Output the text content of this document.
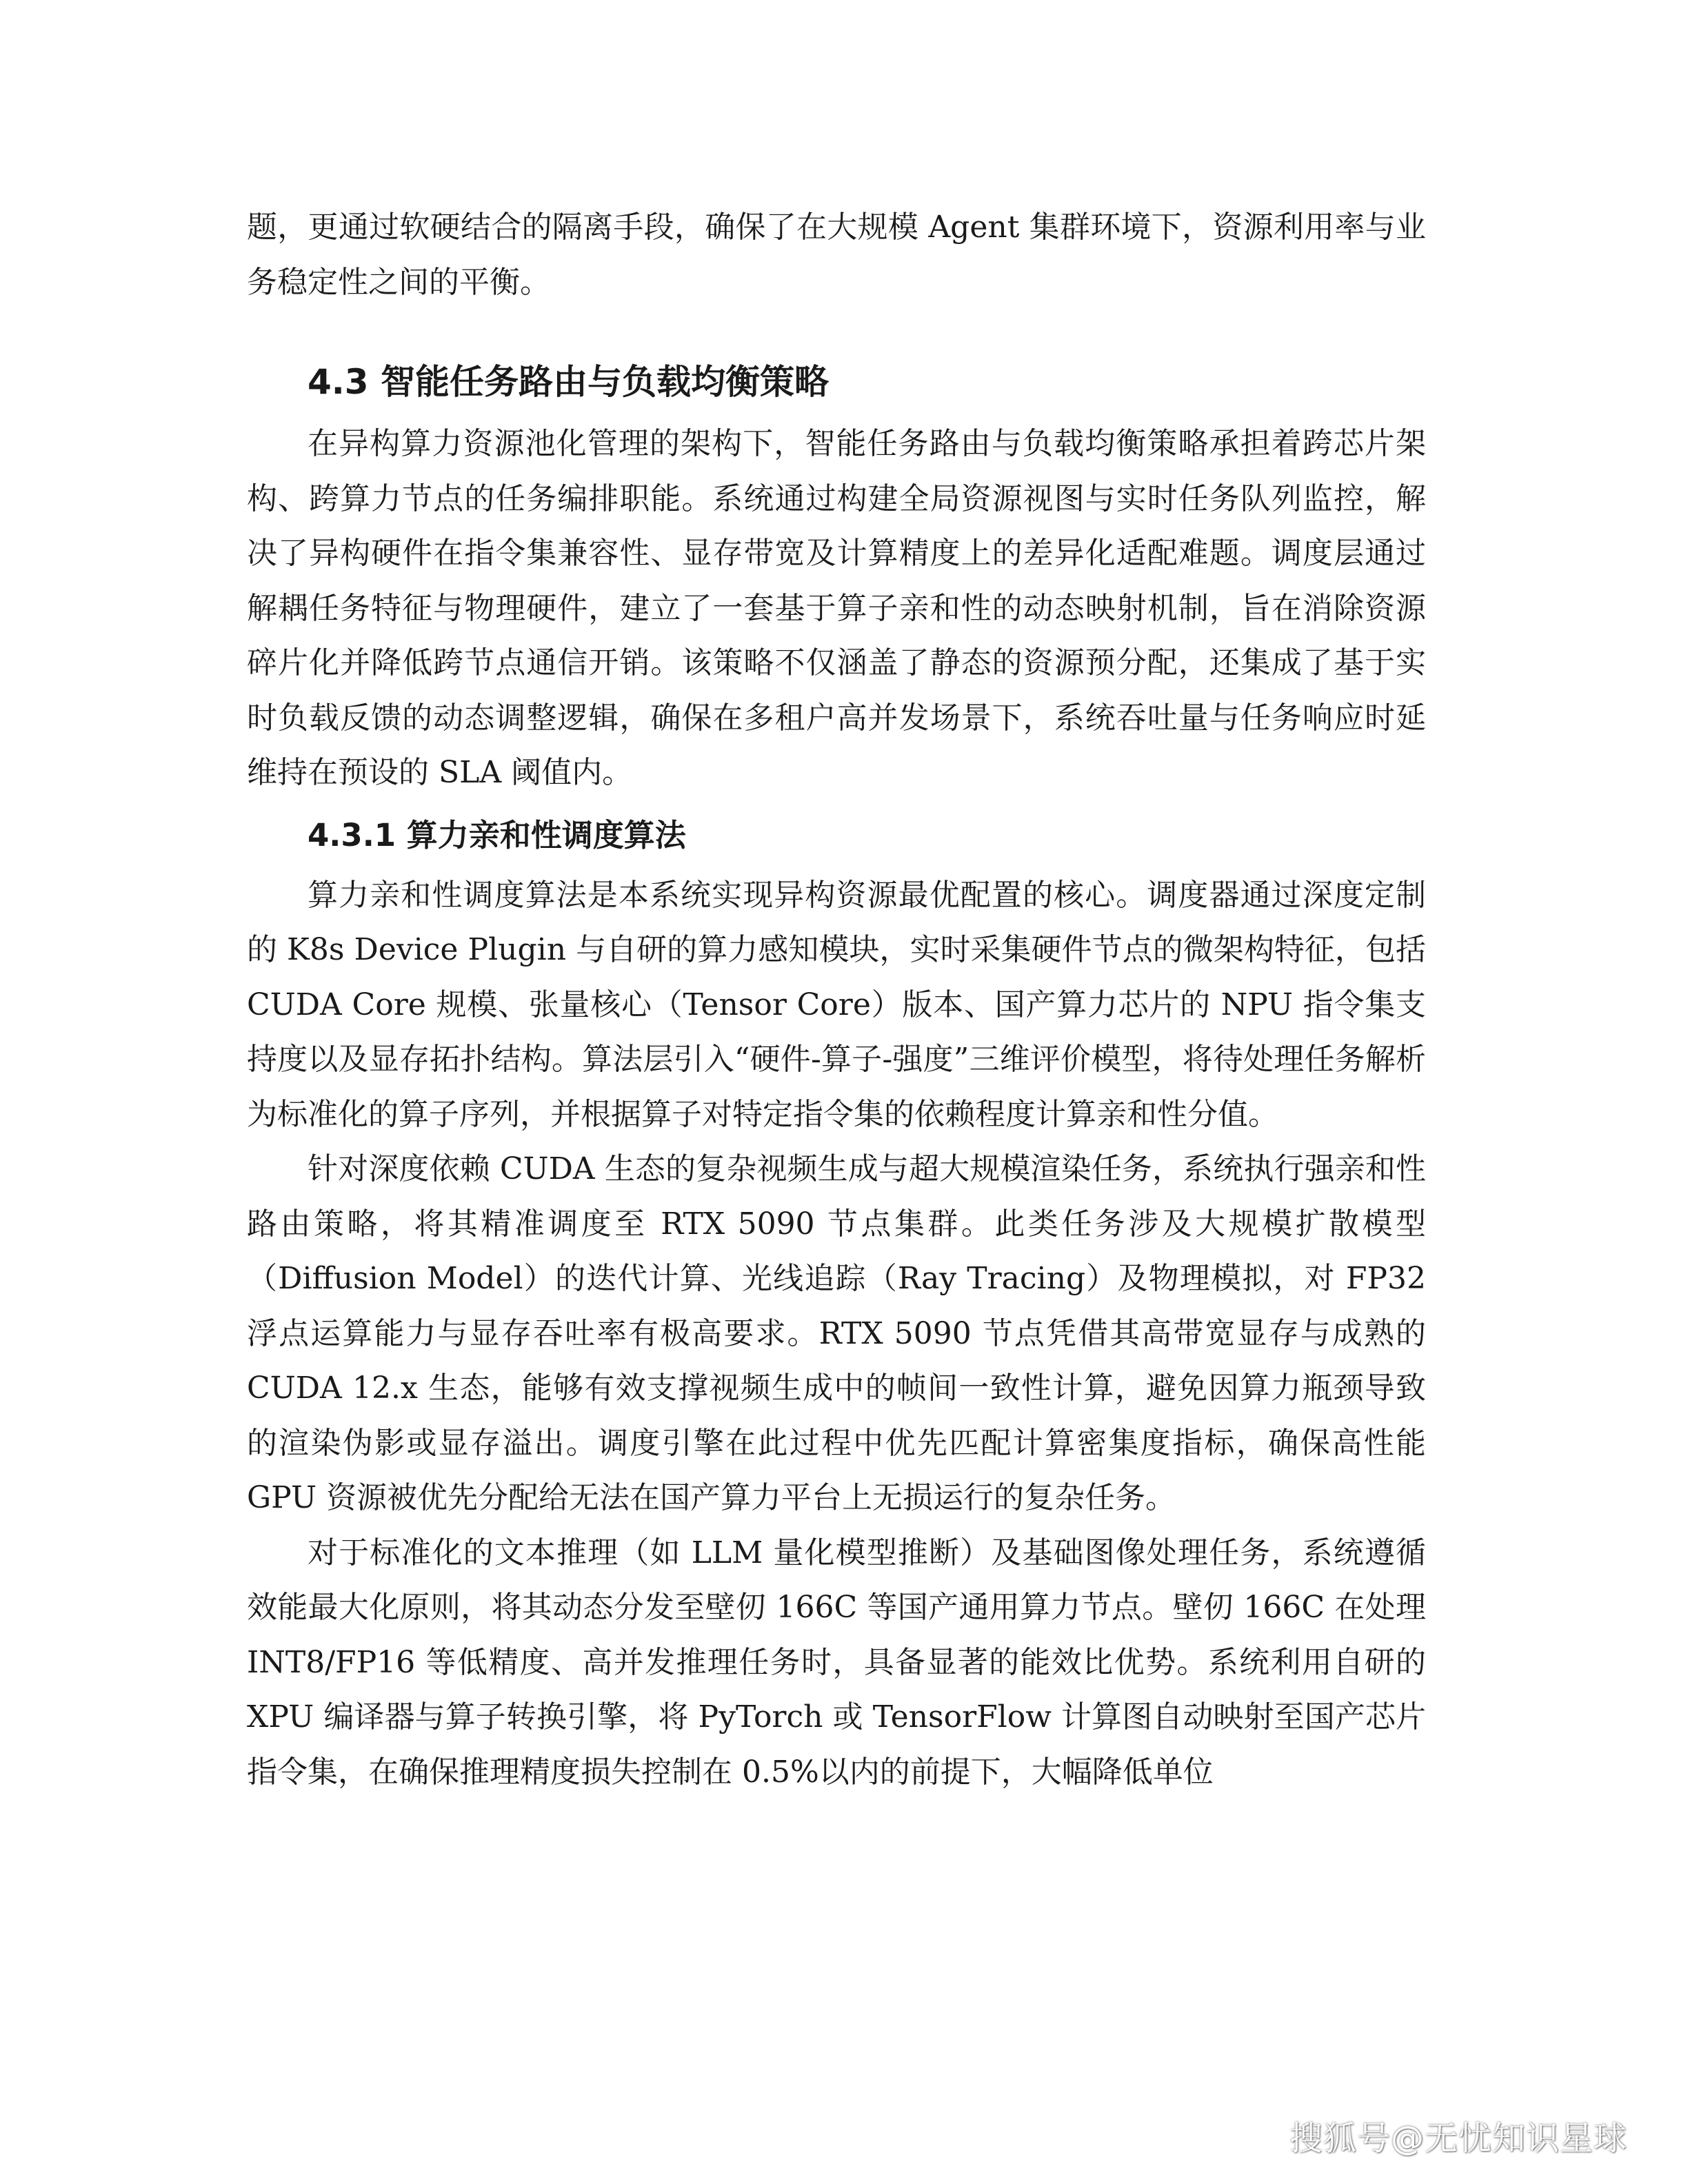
题，更通过软硬结合的隔离手段，确保了在大规模 Agent 集群环境下，资源利用率与业务稳定性之间的平衡。

4.3 智能任务路由与负载均衡策略

在异构算力资源池化管理的架构下，智能任务路由与负载均衡策略承担着跨芯片架构、跨算力节点的任务编排职能。系统通过构建全局资源视图与实时任务队列监控，解决了异构硬件在指令集兼容性、显存带宽及计算精度上的差异化适配难题。调度层通过解耦任务特征与物理硬件，建立了一套基于算子亲和性的动态映射机制，旨在消除资源碎片化并降低跨节点通信开销。该策略不仅涵盖了静态的资源预分配，还集成了基于实时负载反馈的动态调整逻辑，确保在多租户高并发场景下，系统吞吐量与任务响应时延维持在预设的 SLA 阈值内。

4.3.1 算力亲和性调度算法

算力亲和性调度算法是本系统实现异构资源最优配置的核心。调度器通过深度定制的 K8s Device Plugin 与自研的算力感知模块，实时采集硬件节点的微架构特征，包括 CUDA Core 规模、张量核心（Tensor Core）版本、国产算力芯片的 NPU 指令集支持度以及显存拓扑结构。算法层引入“硬件-算子-强度”三维评价模型，将待处理任务解析为标准化的算子序列，并根据算子对特定指令集的依赖程度计算亲和性分值。

针对深度依赖 CUDA 生态的复杂视频生成与超大规模渲染任务，系统执行强亲和性路由策略，将其精准调度至 RTX 5090 节点集群。此类任务涉及大规模扩散模型（Diffusion Model）的迭代计算、光线追踪（Ray Tracing）及物理模拟，对 FP32 浮点运算能力与显存吞吐率有极高要求。RTX 5090 节点凭借其高带宽显存与成熟的 CUDA 12.x 生态，能够有效支撑视频生成中的帧间一致性计算，避免因算力瓶颈导致的渲染伪影或显存溢出。调度引擎在此过程中优先匹配计算密集度指标，确保高性能 GPU 资源被优先分配给无法在国产算力平台上无损运行的复杂任务。

对于标准化的文本推理（如 LLM 量化模型推断）及基础图像处理任务，系统遵循效能最大化原则，将其动态分发至壁仞 166C 等国产通用算力节点。壁仞 166C 在处理 INT8/FP16 等低精度、高并发推理任务时，具备显著的能效比优势。系统利用自研的 XPU 编译器与算子转换引擎，将 PyTorch 或 TensorFlow 计算图自动映射至国产芯片指令集，在确保推理精度损失控制在 0.5%以内的前提下，大幅降低单位

搜狐号@无忧知识星球
